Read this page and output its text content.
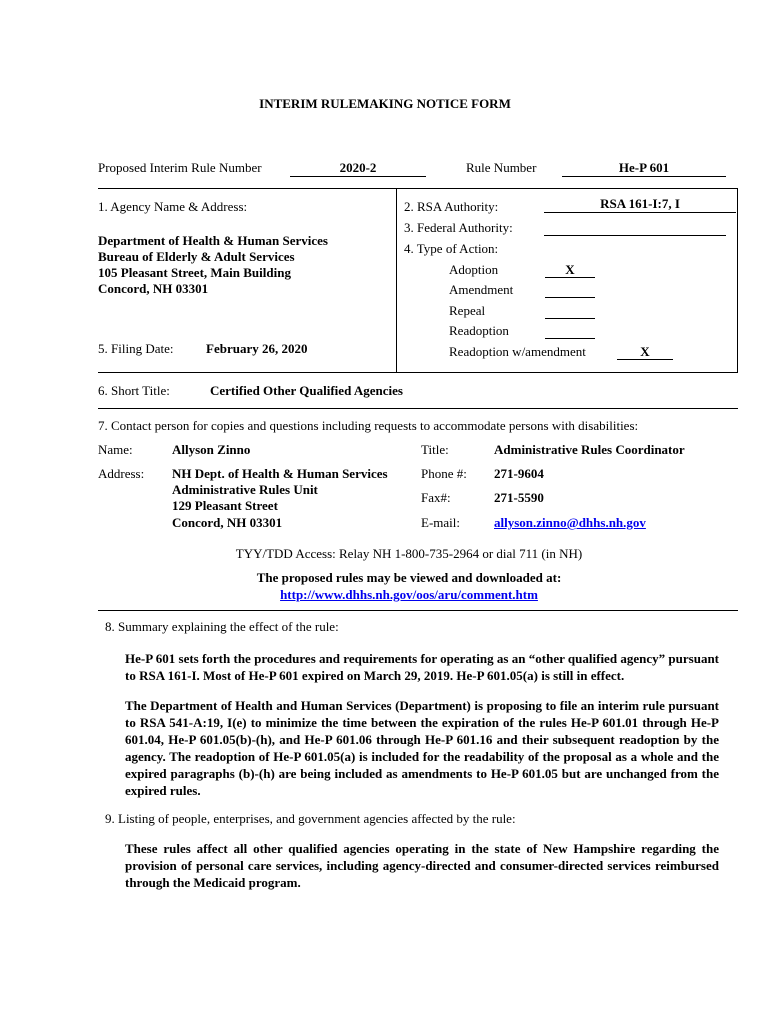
INTERIM RULEMAKING NOTICE FORM
Proposed Interim Rule Number	2020-2	Rule Number	He-P 601
1. Agency Name & Address:
Department of Health & Human Services
Bureau of Elderly & Adult Services
105 Pleasant Street, Main Building
Concord, NH 03301
5. Filing Date:	February 26, 2020
2. RSA Authority:	RSA 161-I:7, I
3. Federal Authority:
4. Type of Action:
Adoption	X
Amendment
Repeal
Readoption
Readoption w/amendment	X
6. Short Title:	Certified Other Qualified Agencies
7. Contact person for copies and questions including requests to accommodate persons with disabilities:
Name:	Allyson Zinno	Title:	Administrative Rules Coordinator
Address: NH Dept. of Health & Human Services
Administrative Rules Unit
129 Pleasant Street
Concord, NH 03301
Phone #: 271-9604
Fax#:	271-5590
E-mail:	allyson.zinno@dhhs.nh.gov
TYY/TDD Access: Relay NH 1-800-735-2964 or dial 711 (in NH)
The proposed rules may be viewed and downloaded at:
http://www.dhhs.nh.gov/oos/aru/comment.htm
8. Summary explaining the effect of the rule:
He-P 601 sets forth the procedures and requirements for operating as an “other qualified agency” pursuant to RSA 161-I. Most of He-P 601 expired on March 29, 2019. He-P 601.05(a) is still in effect.
The Department of Health and Human Services (Department) is proposing to file an interim rule pursuant to RSA 541-A:19, I(e) to minimize the time between the expiration of the rules He-P 601.01 through He-P 601.04, He-P 601.05(b)-(h), and He-P 601.06 through He-P 601.16 and their subsequent readoption by the agency. The readoption of He-P 601.05(a) is included for the readability of the proposal as a whole and the expired paragraphs (b)-(h) are being included as amendments to He-P 601.05 but are unchanged from the expired rules.
9. Listing of people, enterprises, and government agencies affected by the rule:
These rules affect all other qualified agencies operating in the state of New Hampshire regarding the provision of personal care services, including agency-directed and consumer-directed services reimbursed through the Medicaid program.
